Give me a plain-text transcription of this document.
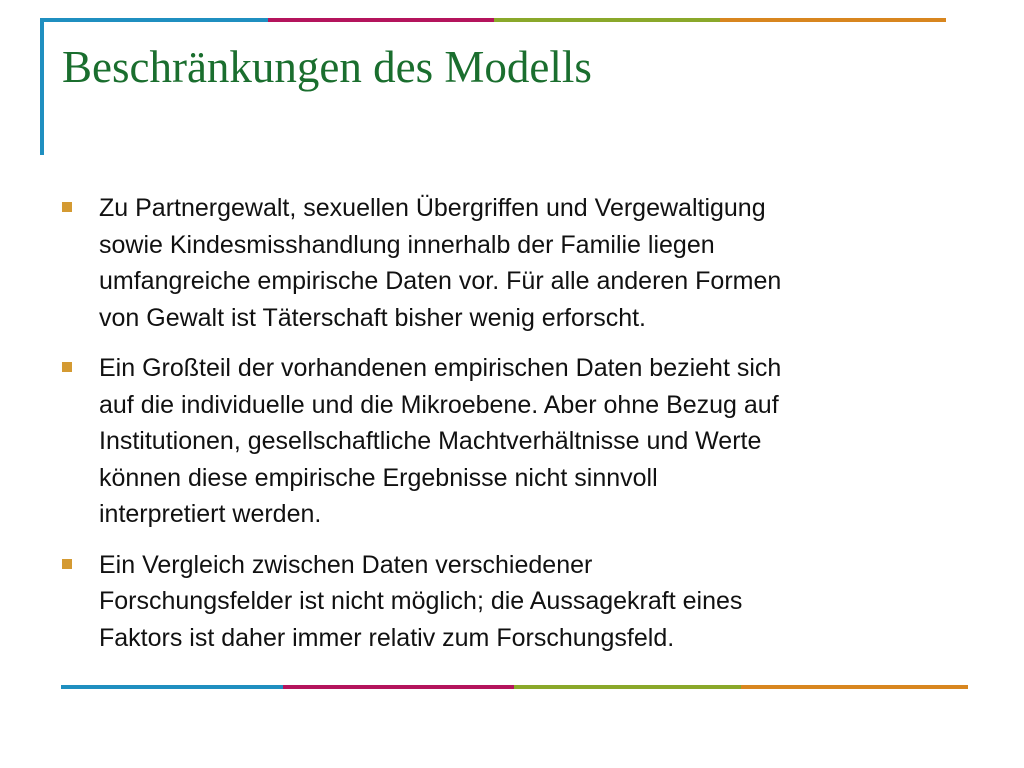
Beschränkungen des Modells
Zu Partnergewalt, sexuellen Übergriffen und Vergewaltigung
sowie Kindesmisshandlung innerhalb der Familie liegen
umfangreiche empirische Daten vor. Für alle anderen Formen
von Gewalt ist Täterschaft bisher wenig erforscht.
Ein Großteil der vorhandenen empirischen Daten bezieht sich
auf die individuelle und die Mikroebene. Aber ohne Bezug auf
Institutionen, gesellschaftliche Machtverhältnisse und Werte
können diese empirische Ergebnisse nicht sinnvoll
interpretiert werden.
Ein Vergleich zwischen Daten verschiedener
Forschungsfelder ist nicht möglich; die Aussagekraft eines
Faktors ist daher immer relativ zum Forschungsfeld.
